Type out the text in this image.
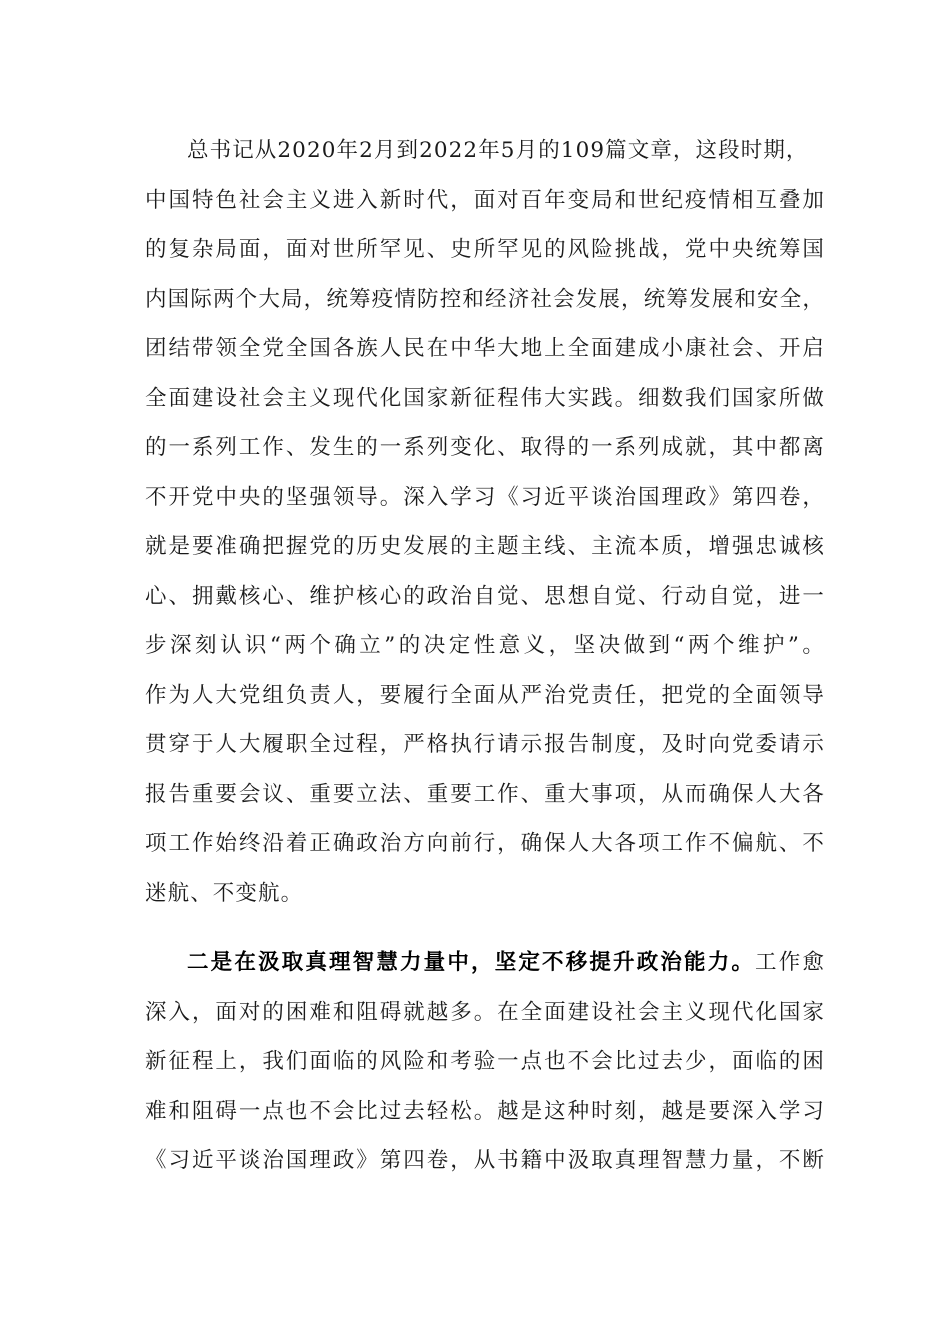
总书记从2020年2月到2022年5月的109篇文章，这段时期，
中国特色社会主义进入新时代，面对百年变局和世纪疫情相互叠加
的复杂局面，面对世所罕见、史所罕见的风险挑战，党中央统筹国
内国际两个大局，统筹疫情防控和经济社会发展，统筹发展和安全，
团结带领全党全国各族人民在中华大地上全面建成小康社会、开启
全面建设社会主义现代化国家新征程伟大实践。细数我们国家所做
的一系列工作、发生的一系列变化、取得的一系列成就，其中都离
不开党中央的坚强领导。深入学习《习近平谈治国理政》第四卷，
就是要准确把握党的历史发展的主题主线、主流本质，增强忠诚核
心、拥戴核心、维护核心的政治自觉、思想自觉、行动自觉，进一
步深刻认识“两个确立”的决定性意义，坚决做到“两个维护”。
作为人大党组负责人，要履行全面从严治党责任，把党的全面领导
贯穿于人大履职全过程，严格执行请示报告制度，及时向党委请示
报告重要会议、重要立法、重要工作、重大事项，从而确保人大各
项工作始终沿着正确政治方向前行，确保人大各项工作不偏航、不
迷航、不变航。
二是在汲取真理智慧力量中，坚定不移提升政治能力。工作愈
深入，面对的困难和阻碍就越多。在全面建设社会主义现代化国家
新征程上，我们面临的风险和考验一点也不会比过去少，面临的困
难和阻碍一点也不会比过去轻松。越是这种时刻，越是要深入学习
《习近平谈治国理政》第四卷，从书籍中汲取真理智慧力量，不断
